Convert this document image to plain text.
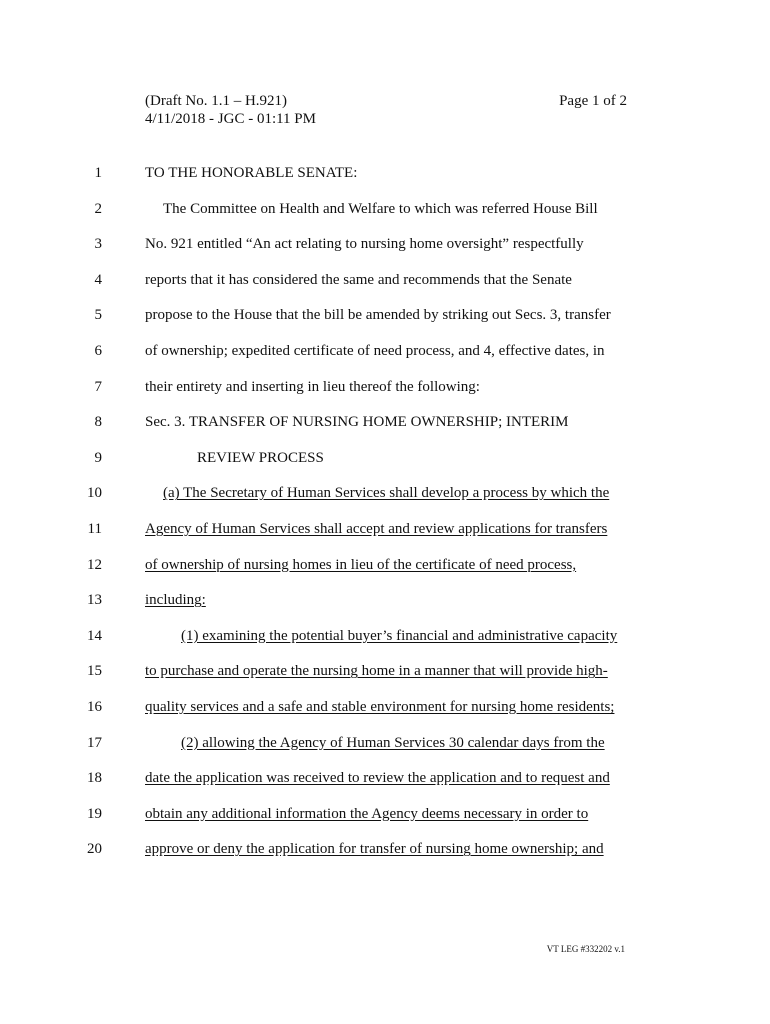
(Draft No. 1.1 – H.921)
4/11/2018 - JGC - 01:11 PM
Page 1 of 2
1	TO THE HONORABLE SENATE:
2	The Committee on Health and Welfare to which was referred House Bill
3	No. 921 entitled “An act relating to nursing home oversight” respectfully
4	reports that it has considered the same and recommends that the Senate
5	propose to the House that the bill be amended by striking out Secs. 3, transfer
6	of ownership; expedited certificate of need process, and 4, effective dates, in
7	their entirety and inserting in lieu thereof the following:
8	Sec. 3. TRANSFER OF NURSING HOME OWNERSHIP; INTERIM
9	REVIEW PROCESS
10	(a) The Secretary of Human Services shall develop a process by which the
11	Agency of Human Services shall accept and review applications for transfers
12	of ownership of nursing homes in lieu of the certificate of need process,
13	including:
14	(1) examining the potential buyer’s financial and administrative capacity
15	to purchase and operate the nursing home in a manner that will provide high-
16	quality services and a safe and stable environment for nursing home residents;
17	(2) allowing the Agency of Human Services 30 calendar days from the
18	date the application was received to review the application and to request and
19	obtain any additional information the Agency deems necessary in order to
20	approve or deny the application for transfer of nursing home ownership; and
VT LEG #332202 v.1
